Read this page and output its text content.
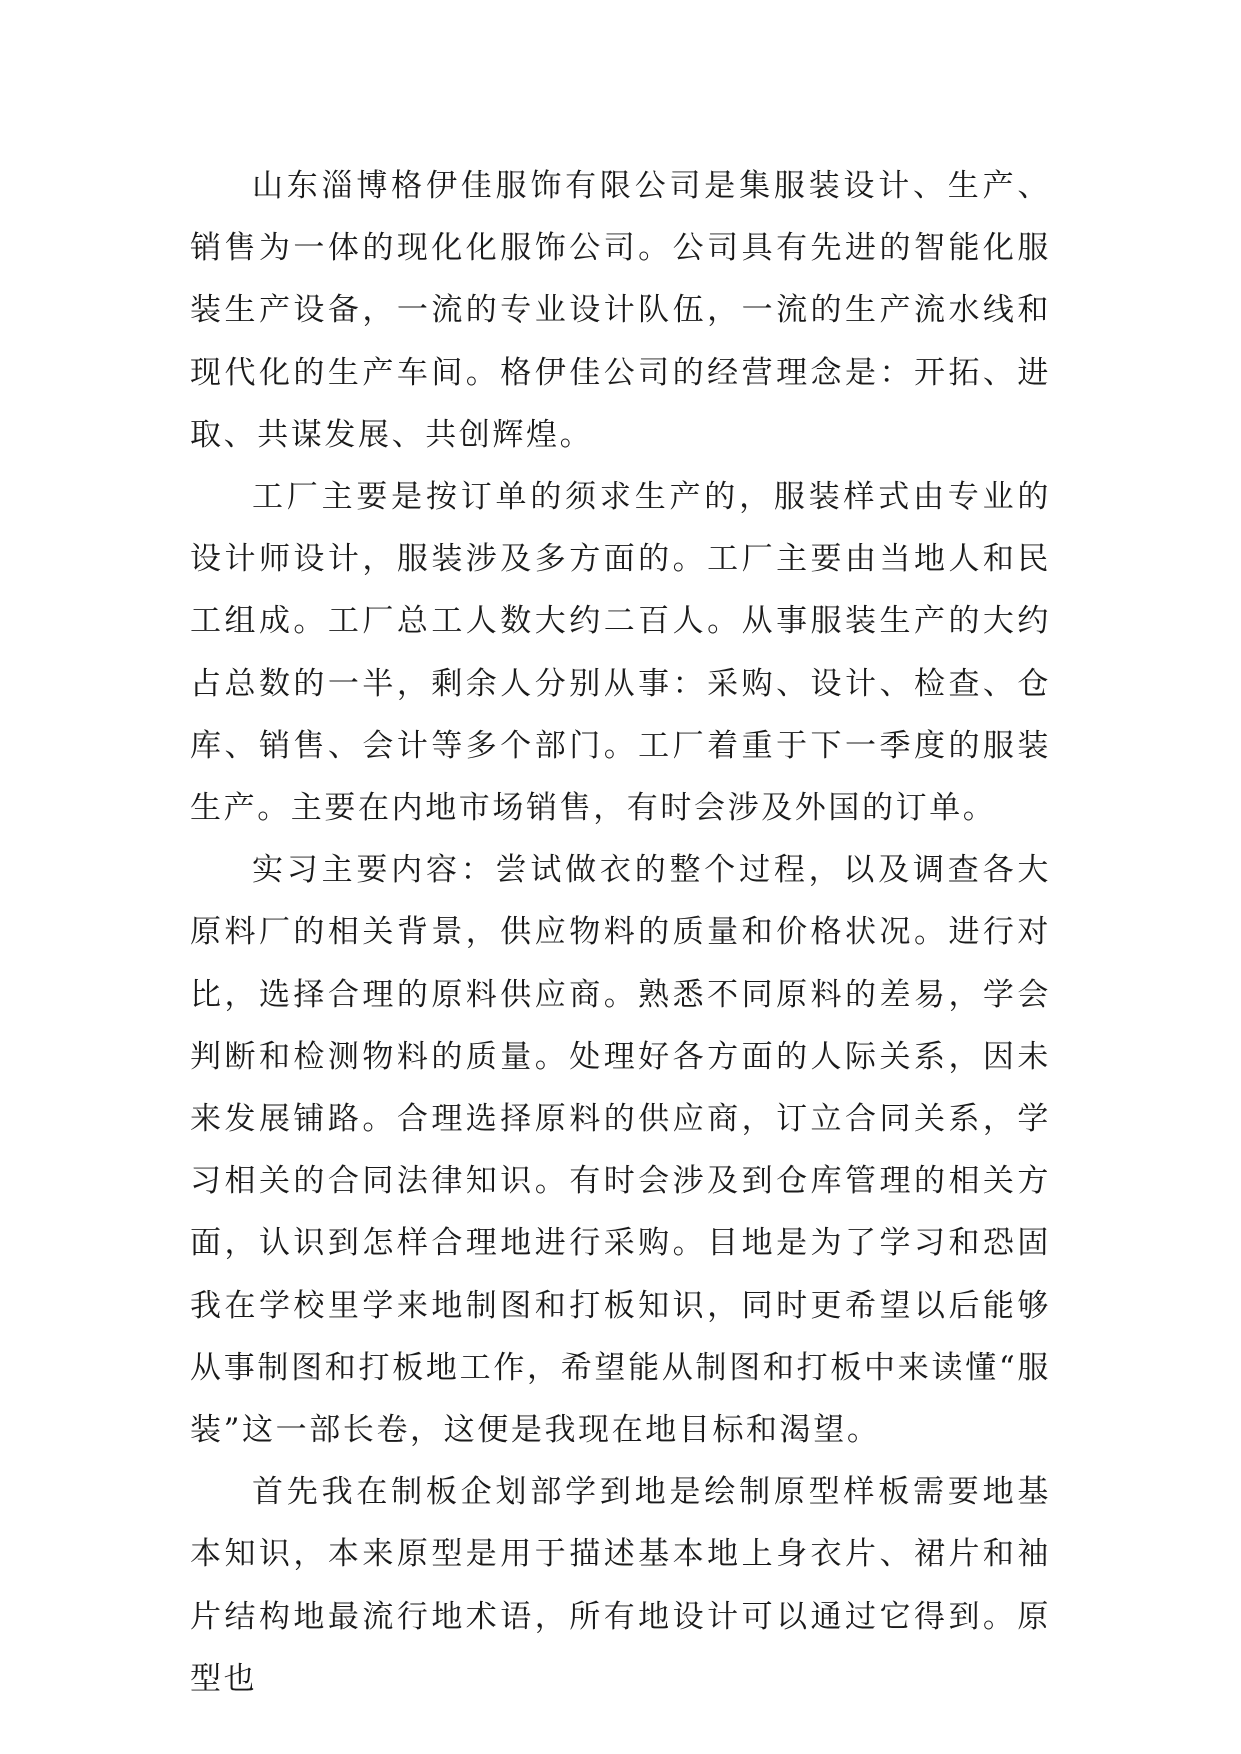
山东淄博格伊佳服饰有限公司是集服装设计、生产、销售为一体的现化化服饰公司。公司具有先进的智能化服装生产设备，一流的专业设计队伍，一流的生产流水线和现代化的生产车间。格伊佳公司的经营理念是：开拓、进取、共谋发展、共创辉煌。

工厂主要是按订单的须求生产的，服装样式由专业的设计师设计，服装涉及多方面的。工厂主要由当地人和民工组成。工厂总工人数大约二百人。从事服装生产的大约占总数的一半，剩余人分别从事：采购、设计、检查、仓库、销售、会计等多个部门。工厂着重于下一季度的服装生产。主要在内地市场销售，有时会涉及外国的订单。

实习主要内容：尝试做衣的整个过程，以及调查各大原料厂的相关背景，供应物料的质量和价格状况。进行对比，选择合理的原料供应商。熟悉不同原料的差易，学会判断和检测物料的质量。处理好各方面的人际关系，因未来发展铺路。合理选择原料的供应商，订立合同关系，学习相关的合同法律知识。有时会涉及到仓库管理的相关方面，认识到怎样合理地进行采购。目地是为了学习和恐固我在学校里学来地制图和打板知识，同时更希望以后能够从事制图和打板地工作，希望能从制图和打板中来读懂“服装”这一部长卷，这便是我现在地目标和渴望。

首先我在制板企划部学到地是绘制原型样板需要地基本知识，本来原型是用于描述基本地上身衣片、裙片和袖片结构地最流行地术语，所有地设计可以通过它得到。原型也
